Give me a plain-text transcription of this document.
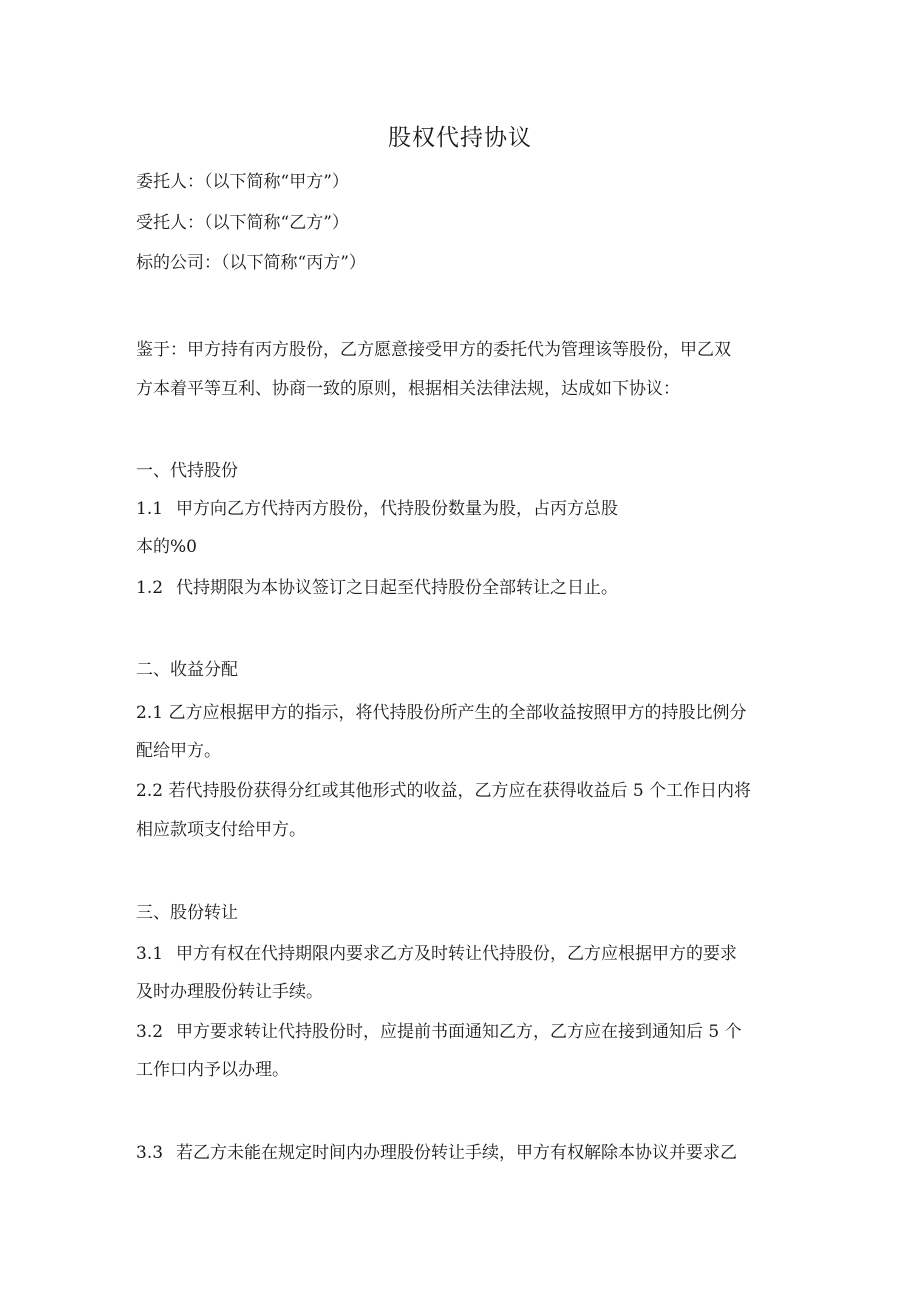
股权代持协议
委托人：（以下简称“甲方”）
受托人：（以下简称“乙方”）
标的公司：（以下简称“丙方”）
鉴于：甲方持有丙方股份，乙方愿意接受甲方的委托代为管理该等股份，甲乙双
方本着平等互利、协商一致的原则，根据相关法律法规，达成如下协议：
一、代持股份
1.1 甲方向乙方代持丙方股份，代持股份数量为股，占丙方总股
本的%0
1.2 代持期限为本协议签订之日起至代持股份全部转让之日止。
二、收益分配
2.1 乙方应根据甲方的指示，将代持股份所产生的全部收益按照甲方的持股比例分
配给甲方。
2.2 若代持股份获得分红或其他形式的收益，乙方应在获得收益后 5 个工作日内将
相应款项支付给甲方。
三、股份转让
3.1 甲方有权在代持期限内要求乙方及时转让代持股份，乙方应根据甲方的要求
及时办理股份转让手续。
3.2 甲方要求转让代持股份时，应提前书面通知乙方，乙方应在接到通知后 5 个
工作口内予以办理。
3.3 若乙方未能在规定时间内办理股份转让手续，甲方有权解除本协议并要求乙
